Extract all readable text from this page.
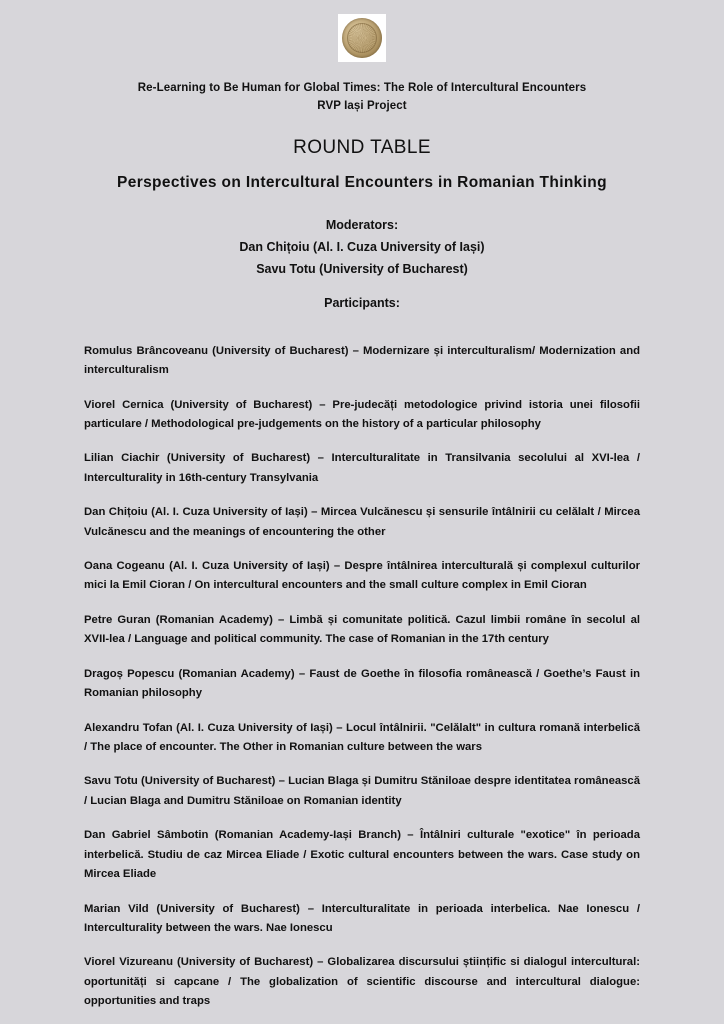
Re-Learning to Be Human for Global Times: The Role of Intercultural Encounters
RVP Iași Project
ROUND TABLE
Perspectives on Intercultural Encounters in Romanian Thinking
Moderators:
Dan Chițoiu (Al. I. Cuza University of Iași)
Savu Totu (University of Bucharest)
Participants:

Romulus Brâncoveanu (University of Bucharest) – Modernizare și interculturalism/ Modernization and interculturalism

Viorel Cernica (University of Bucharest) – Pre-judecăți metodologice privind istoria unei filosofii particulare / Methodological pre-judgements on the history of a particular philosophy

Lilian Ciachir (University of Bucharest) – Interculturalitate in Transilvania secolului al XVI-lea / Interculturality in 16th-century Transylvania

Dan Chițoiu (Al. I. Cuza University of Iași) – Mircea Vulcănescu și sensurile întâlnirii cu celălalt / Mircea Vulcănescu and the meanings of encountering the other

Oana Cogeanu (Al. I. Cuza University of Iași) – Despre întâlnirea interculturală și complexul culturilor mici la Emil Cioran / On intercultural encounters and the small culture complex in Emil Cioran

Petre Guran (Romanian Academy) – Limbă și comunitate politică. Cazul limbii române în secolul al XVII-lea / Language and political community. The case of Romanian in the 17th century

Dragoș Popescu (Romanian Academy) – Faust de Goethe în filosofia românească / Goethe’s Faust in Romanian philosophy

Alexandru Tofan (Al. I. Cuza University of Iași) – Locul întâlnirii. "Celălalt" in cultura romană interbelică / The place of encounter. The Other in Romanian culture between the wars

Savu Totu (University of Bucharest) – Lucian Blaga și Dumitru Stăniloae despre identitatea românească / Lucian Blaga and Dumitru Stăniloae on Romanian identity

Dan Gabriel Sâmbotin (Romanian Academy-Iași Branch) – Întâlniri culturale "exotice" în perioada interbelică. Studiu de caz Mircea Eliade / Exotic cultural encounters between the wars. Case study on Mircea Eliade

Marian Vild (University of Bucharest) – Interculturalitate in perioada interbelica. Nae Ionescu / Interculturality between the wars. Nae Ionescu

Viorel Vizureanu (University of Bucharest) – Globalizarea discursului științific si dialogul intercultural: oportunități si capcane / The globalization of scientific discourse and intercultural dialogue: opportunities and traps
